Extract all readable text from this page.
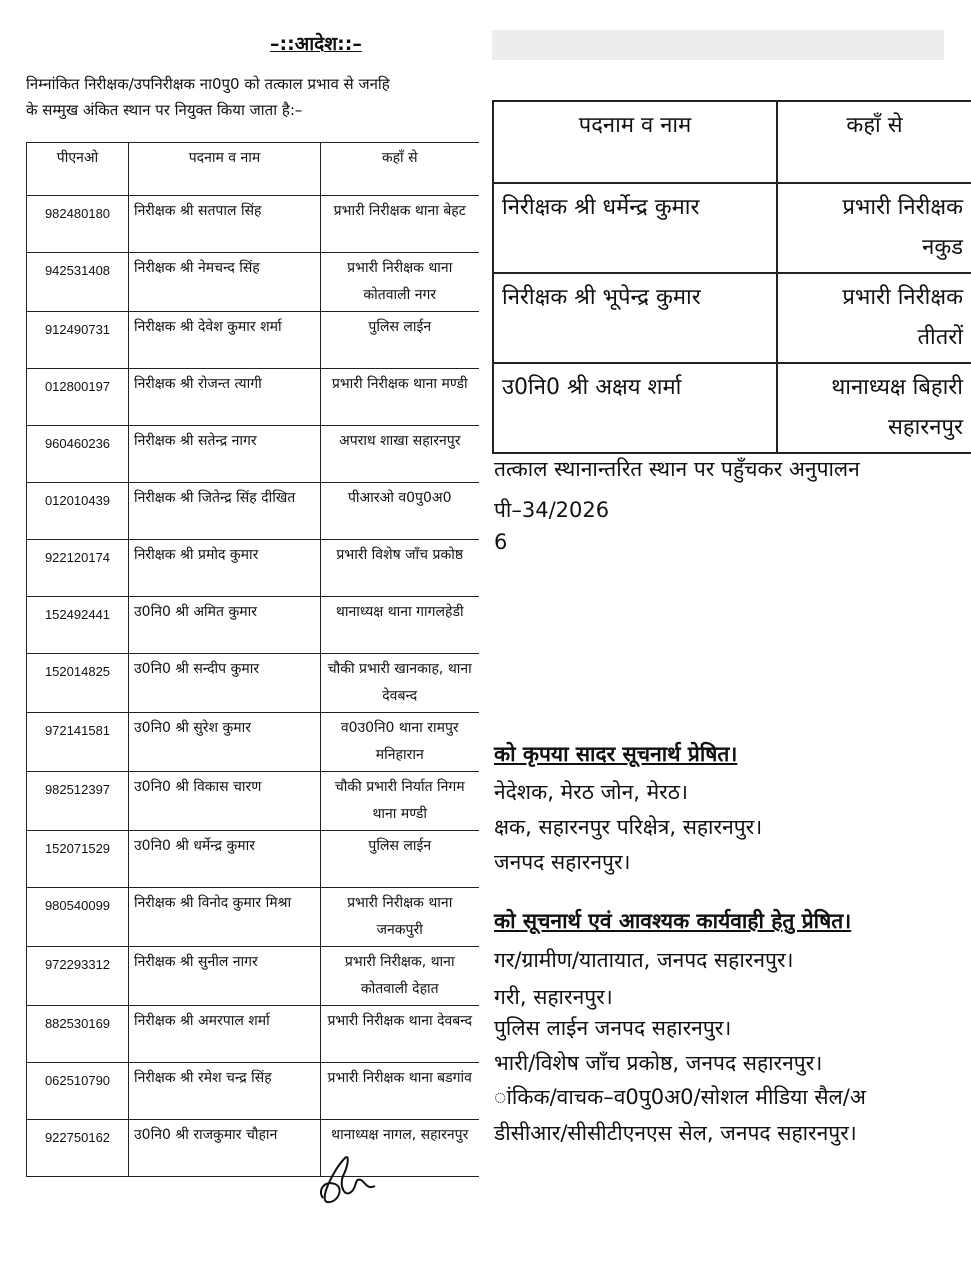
–::आदेश::–
निम्नांकित निरीक्षक/उपनिरीक्षक ना0पु0 को तत्काल प्रभाव से जनहि
के सम्मुख अंकित स्थान पर नियुक्त किया जाता है:–
पीएनओ	पदनाम व नाम	कहाँ से
982480180	निरीक्षक श्री सतपाल सिंह	प्रभारी निरीक्षक थाना बेहट
942531408	निरीक्षक श्री नेमचन्द सिंह	प्रभारी निरीक्षक थाना कोतवाली नगर
912490731	निरीक्षक श्री देवेश कुमार शर्मा	पुलिस लाईन
012800197	निरीक्षक श्री रोजन्त त्यागी	प्रभारी निरीक्षक थाना मण्डी
960460236	निरीक्षक श्री सतेन्द्र नागर	अपराध शाखा सहारनपुर
012010439	निरीक्षक श्री जितेन्द्र सिंह दीखित	पीआरओ व0पु0अ0
922120174	निरीक्षक श्री प्रमोद कुमार	प्रभारी विशेष जाँच प्रकोष्ठ
152492441	उ0नि0 श्री अमित कुमार	थानाध्यक्ष थाना गागलहेडी
152014825	उ0नि0 श्री सन्दीप कुमार	चौकी प्रभारी खानकाह, थाना देवबन्द
972141581	उ0नि0 श्री सुरेश कुमार	व0उ0नि0 थाना रामपुर मनिहारान
982512397	उ0नि0 श्री विकास चारण	चौकी प्रभारी निर्यात निगम थाना मण्डी
152071529	उ0नि0 श्री धर्मेन्द्र कुमार	पुलिस लाईन
980540099	निरीक्षक श्री विनोद कुमार मिश्रा	प्रभारी निरीक्षक थाना जनकपुरी
972293312	निरीक्षक श्री सुनील नागर	प्रभारी निरीक्षक, थाना कोतवाली देहात
882530169	निरीक्षक श्री अमरपाल शर्मा	प्रभारी निरीक्षक थाना देवबन्द
062510790	निरीक्षक श्री रमेश चन्द्र सिंह	प्रभारी निरीक्षक थाना बडगांव
922750162	उ0नि0 श्री राजकुमार चौहान	थानाध्यक्ष नागल, सहारनपुर
पदनाम व नाम	कहाँ से
निरीक्षक श्री धर्मेन्द्र कुमार	प्रभारी निरीक्षक
नकुड

निरीक्षक श्री भूपेन्द्र कुमार	प्रभारी निरीक्षक
तीतरों

उ0नि0 श्री अक्षय शर्मा	थानाध्यक्ष बिहारी
सहारनपुर
तत्काल स्थानान्तरित स्थान पर पहुँचकर अनुपालन
पी–34/2026
6
को कृपया सादर सूचनार्थ प्रेषित।
नेदेशक, मेरठ जोन, मेरठ।
क्षक, सहारनपुर परिक्षेत्र, सहारनपुर।
जनपद सहारनपुर।
को सूचनार्थ एवं आवश्यक कार्यवाही हेतु प्रेषित।
गर/ग्रामीण/यातायात, जनपद सहारनपुर।
गरी, सहारनपुर।
पुलिस लाईन जनपद सहारनपुर।
भारी/विशेष जाँच प्रकोष्ठ, जनपद सहारनपुर।
ांकिक/वाचक–व0पु0अ0/सोशल मीडिया सैल/अ
डीसीआर/सीसीटीएनएस सेल, जनपद सहारनपुर।
